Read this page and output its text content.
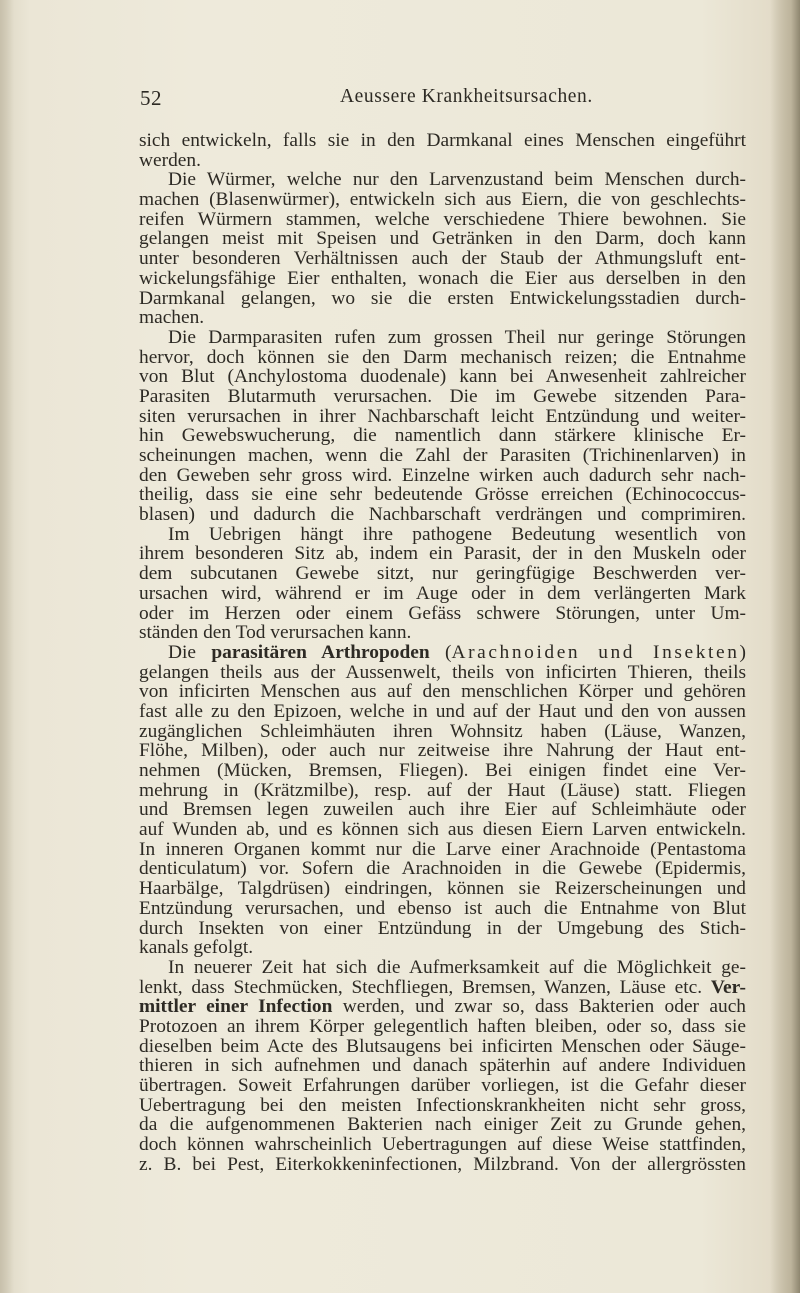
52	Aeussere Krankheitsursachen.
sich entwickeln, falls sie in den Darmkanal eines Menschen eingeführt
werden.
Die Würmer, welche nur den Larvenzustand beim Menschen durch-
machen (Blasenwürmer), entwickeln sich aus Eiern, die von geschlechts-
reifen Würmern stammen, welche verschiedene Thiere bewohnen. Sie
gelangen meist mit Speisen und Getränken in den Darm, doch kann
unter besonderen Verhältnissen auch der Staub der Athmungsluft ent-
wickelungsfähige Eier enthalten, wonach die Eier aus derselben in den
Darmkanal gelangen, wo sie die ersten Entwickelungsstadien durch-
machen.
Die Darmparasiten rufen zum grossen Theil nur geringe Störungen
hervor, doch können sie den Darm mechanisch reizen; die Entnahme
von Blut (Anchylostoma duodenale) kann bei Anwesenheit zahlreicher
Parasiten Blutarmuth verursachen. Die im Gewebe sitzenden Para-
siten verursachen in ihrer Nachbarschaft leicht Entzündung und weiter-
hin Gewebswucherung, die namentlich dann stärkere klinische Er-
scheinungen machen, wenn die Zahl der Parasiten (Trichinenlarven) in
den Geweben sehr gross wird. Einzelne wirken auch dadurch sehr nach-
theilig, dass sie eine sehr bedeutende Grösse erreichen (Echinococcus-
blasen) und dadurch die Nachbarschaft verdrängen und comprimiren.
Im Uebrigen hängt ihre pathogene Bedeutung wesentlich von
ihrem besonderen Sitz ab, indem ein Parasit, der in den Muskeln oder
dem subcutanen Gewebe sitzt, nur geringfügige Beschwerden ver-
ursachen wird, während er im Auge oder in dem verlängerten Mark
oder im Herzen oder einem Gefäss schwere Störungen, unter Um-
ständen den Tod verursachen kann.
Die parasitären Arthropoden (Arachnoiden und Insekten)
gelangen theils aus der Aussenwelt, theils von inficirten Thieren, theils
von inficirten Menschen aus auf den menschlichen Körper und gehören
fast alle zu den Epizoen, welche in und auf der Haut und den von aussen
zugänglichen Schleimhäuten ihren Wohnsitz haben (Läuse, Wanzen,
Flöhe, Milben), oder auch nur zeitweise ihre Nahrung der Haut ent-
nehmen (Mücken, Bremsen, Fliegen). Bei einigen findet eine Ver-
mehrung in (Krätzmilbe), resp. auf der Haut (Läuse) statt. Fliegen
und Bremsen legen zuweilen auch ihre Eier auf Schleimhäute oder
auf Wunden ab, und es können sich aus diesen Eiern Larven entwickeln.
In inneren Organen kommt nur die Larve einer Arachnoide (Pentastoma
denticulatum) vor. Sofern die Arachnoiden in die Gewebe (Epidermis,
Haarbälge, Talgdrüsen) eindringen, können sie Reizerscheinungen und
Entzündung verursachen, und ebenso ist auch die Entnahme von Blut
durch Insekten von einer Entzündung in der Umgebung des Stich-
kanals gefolgt.
In neuerer Zeit hat sich die Aufmerksamkeit auf die Möglichkeit ge-
lenkt, dass Stechmücken, Stechfliegen, Bremsen, Wanzen, Läuse etc. Ver-
mittler einer Infection werden, und zwar so, dass Bakterien oder auch
Protozoen an ihrem Körper gelegentlich haften bleiben, oder so, dass sie
dieselben beim Acte des Blutsaugens bei inficirten Menschen oder Säuge-
thieren in sich aufnehmen und danach späterhin auf andere Individuen
übertragen. Soweit Erfahrungen darüber vorliegen, ist die Gefahr dieser
Uebertragung bei den meisten Infectionskrankheiten nicht sehr gross,
da die aufgenommenen Bakterien nach einiger Zeit zu Grunde gehen,
doch können wahrscheinlich Uebertragungen auf diese Weise stattfinden,
z. B. bei Pest, Eiterkokkeninfectionen, Milzbrand. Von der allergrössten
